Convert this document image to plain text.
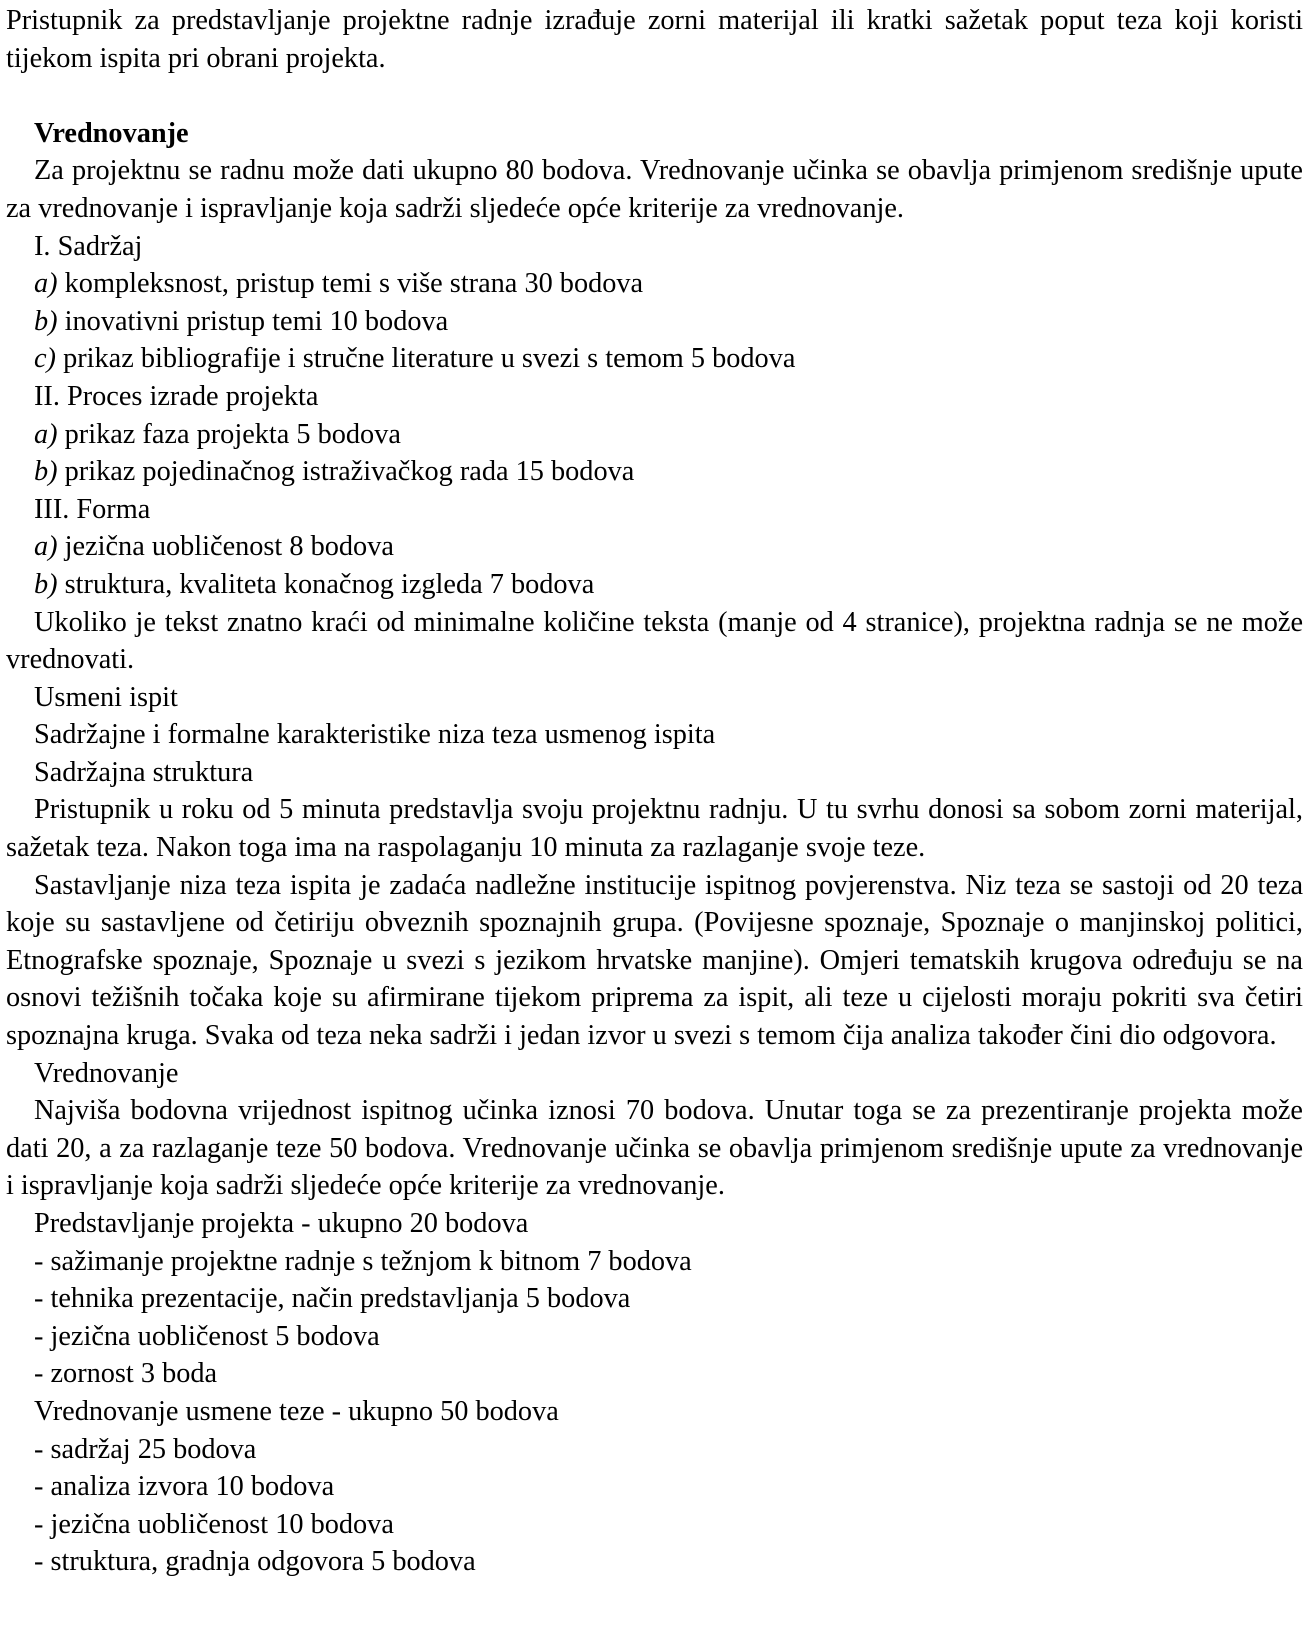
Pristupnik za predstavljanje projektne radnje izrađuje zorni materijal ili kratki sažetak poput teza koji koristi tijekom ispita pri obrani projekta.

Vrednovanje

Za projektnu se radnu može dati ukupno 80 bodova. Vrednovanje učinka se obavlja primjenom središnje upute za vrednovanje i ispravljanje koja sadrži sljedeće opće kriterije za vrednovanje.

I. Sadržaj

a) kompleksnost, pristup temi s više strana 30 bodova

b) inovativni pristup temi 10 bodova

c) prikaz bibliografije i stručne literature u svezi s temom 5 bodova

II. Proces izrade projekta

a) prikaz faza projekta 5 bodova

b) prikaz pojedinačnog istraživačkog rada 15 bodova

III. Forma

a) jezična uobličenost 8 bodova

b) struktura, kvaliteta konačnog izgleda 7 bodova

Ukoliko je tekst znatno kraći od minimalne količine teksta (manje od 4 stranice), projektna radnja se ne može vrednovati.

Usmeni ispit

Sadržajne i formalne karakteristike niza teza usmenog ispita

Sadržajna struktura

Pristupnik u roku od 5 minuta predstavlja svoju projektnu radnju. U tu svrhu donosi sa sobom zorni materijal, sažetak teza. Nakon toga ima na raspolaganju 10 minuta za razlaganje svoje teze.

Sastavljanje niza teza ispita je zadaća nadležne institucije ispitnog povjerenstva. Niz teza se sastoji od 20 teza koje su sastavljene od četiriju obveznih spoznajnih grupa. (Povijesne spoznaje, Spoznaje o manjinskoj politici, Etnografske spoznaje, Spoznaje u svezi s jezikom hrvatske manjine). Omjeri tematskih krugova određuju se na osnovi težišnih točaka koje su afirmirane tijekom priprema za ispit, ali teze u cijelosti moraju pokriti sva četiri spoznajna kruga. Svaka od teza neka sadrži i jedan izvor u svezi s temom čija analiza također čini dio odgovora.

Vrednovanje

Najviša bodovna vrijednost ispitnog učinka iznosi 70 bodova. Unutar toga se za prezentiranje projekta može dati 20, a za razlaganje teze 50 bodova. Vrednovanje učinka se obavlja primjenom središnje upute za vrednovanje i ispravljanje koja sadrži sljedeće opće kriterije za vrednovanje.

Predstavljanje projekta - ukupno 20 bodova

- sažimanje projektne radnje s težnjom k bitnom 7 bodova

- tehnika prezentacije, način predstavljanja 5 bodova

- jezična uobličenost 5 bodova

- zornost 3 boda

Vrednovanje usmene teze - ukupno 50 bodova

- sadržaj 25 bodova

- analiza izvora 10 bodova

- jezična uobličenost 10 bodova

- struktura, gradnja odgovora 5 bodova
